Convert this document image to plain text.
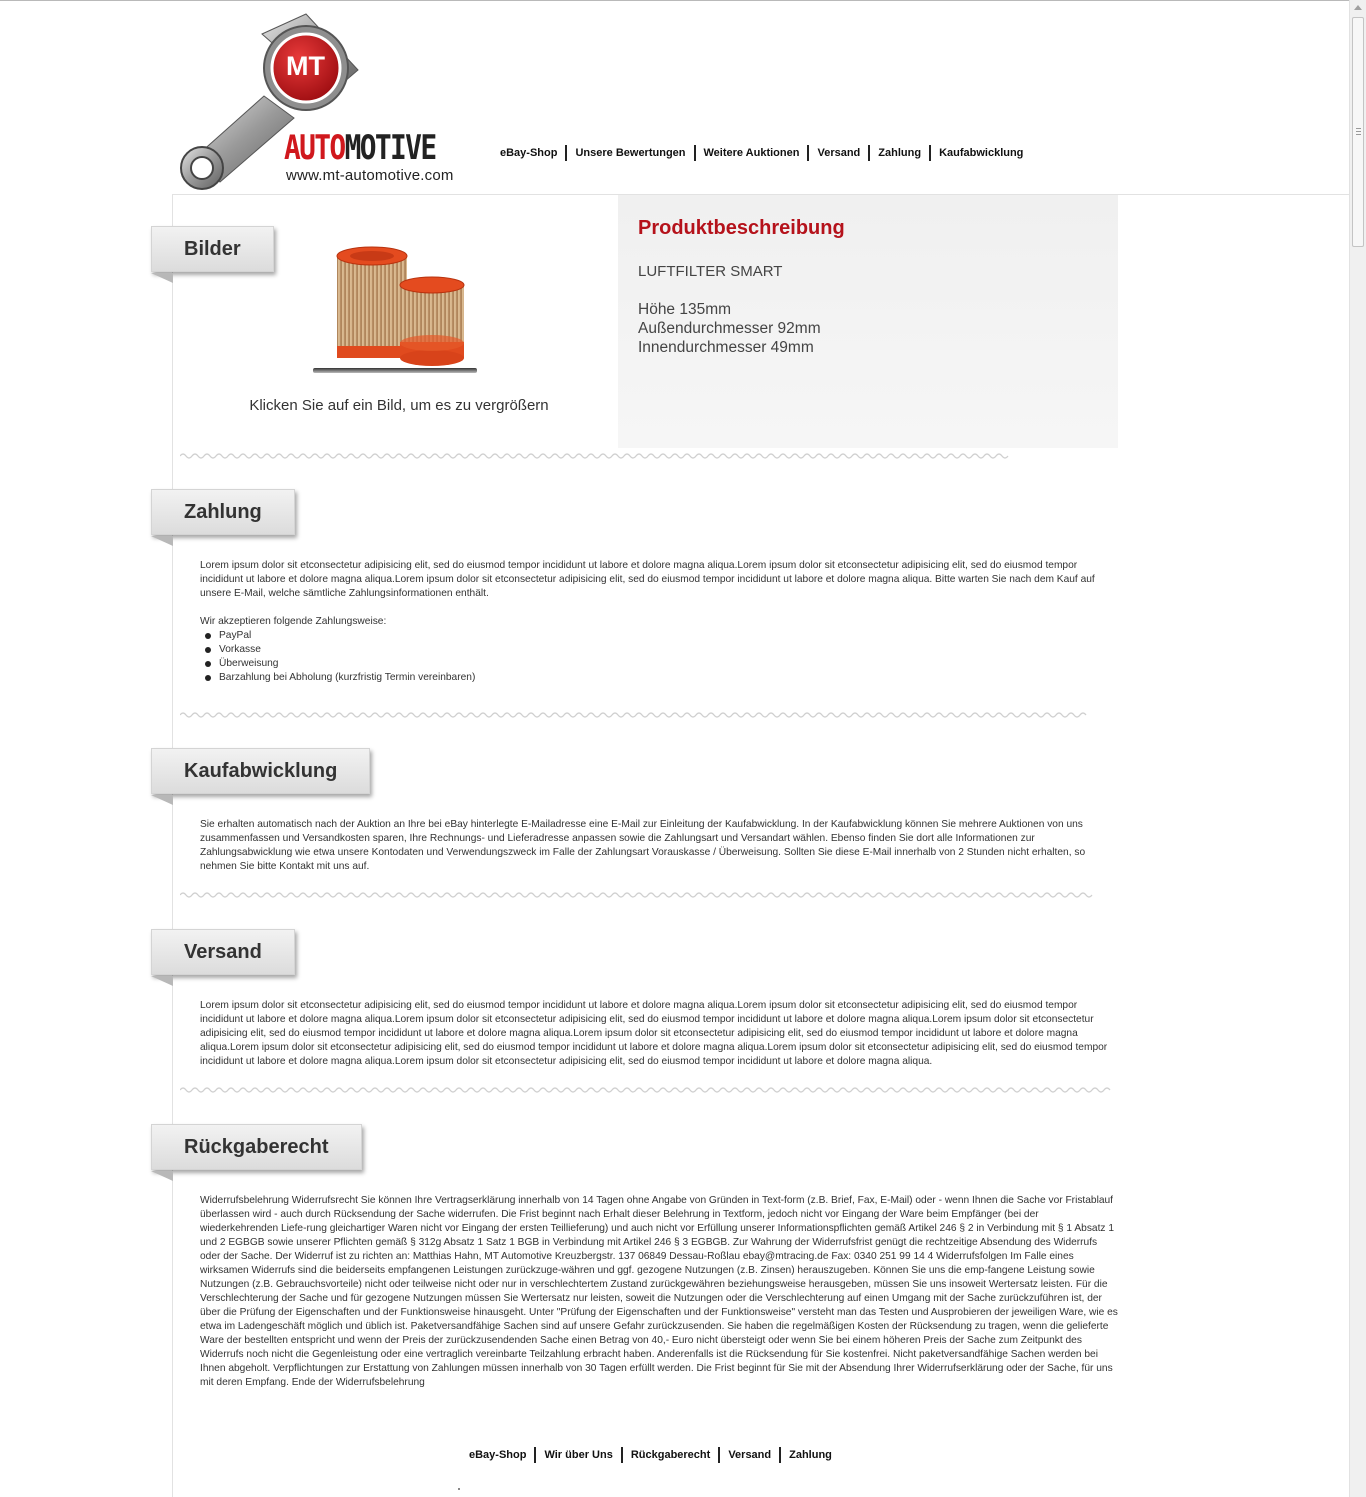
MT
AUTOMOTIVE
www.mt-automotive.com
eBay-Shop	Unsere Bewertungen	Weitere Auktionen	Versand	Zahlung	Kaufabwicklung
Bilder
Klicken Sie auf ein Bild, um es zu vergrößern
Produktbeschreibung
LUFTFILTER SMART
Höhe 135mm
Außendurchmesser 92mm
Innendurchmesser 49mm
Zahlung
Lorem ipsum dolor sit etconsectetur adipisicing elit, sed do eiusmod tempor incididunt ut labore et dolore magna aliqua.Lorem ipsum dolor sit etconsectetur adipisicing elit, sed do eiusmod tempor incididunt ut labore et dolore magna aliqua.Lorem ipsum dolor sit etconsectetur adipisicing elit, sed do eiusmod tempor incididunt ut labore et dolore magna aliqua. Bitte warten Sie nach dem Kauf auf unsere E-Mail, welche sämtliche Zahlungsinformationen enthält.
Wir akzeptieren folgende Zahlungsweise:
PayPal
Vorkasse
Überweisung
Barzahlung bei Abholung (kurzfristig Termin vereinbaren)
Kaufabwicklung
Sie erhalten automatisch nach der Auktion an Ihre bei eBay hinterlegte E-Mailadresse eine E-Mail zur Einleitung der Kaufabwicklung. In der Kaufabwicklung können Sie mehrere Auktionen von uns zusammenfassen und Versandkosten sparen, Ihre Rechnungs- und Lieferadresse anpassen sowie die Zahlungsart und Versandart wählen. Ebenso finden Sie dort alle Informationen zur Zahlungsabwicklung wie etwa unsere Kontodaten und Verwendungszweck im Falle der Zahlungsart Vorauskasse / Überweisung. Sollten Sie diese E-Mail innerhalb von 2 Stunden nicht erhalten, so nehmen Sie bitte Kontakt mit uns auf.
Versand
Lorem ipsum dolor sit etconsectetur adipisicing elit, sed do eiusmod tempor incididunt ut labore et dolore magna aliqua.Lorem ipsum dolor sit etconsectetur adipisicing elit, sed do eiusmod tempor incididunt ut labore et dolore magna aliqua.Lorem ipsum dolor sit etconsectetur adipisicing elit, sed do eiusmod tempor incididunt ut labore et dolore magna aliqua.Lorem ipsum dolor sit etconsectetur adipisicing elit, sed do eiusmod tempor incididunt ut labore et dolore magna aliqua.Lorem ipsum dolor sit etconsectetur adipisicing elit, sed do eiusmod tempor incididunt ut labore et dolore magna aliqua.Lorem ipsum dolor sit etconsectetur adipisicing elit, sed do eiusmod tempor incididunt ut labore et dolore magna aliqua.Lorem ipsum dolor sit etconsectetur adipisicing elit, sed do eiusmod tempor incididunt ut labore et dolore magna aliqua.Lorem ipsum dolor sit etconsectetur adipisicing elit, sed do eiusmod tempor incididunt ut labore et dolore magna aliqua.
Rückgaberecht
Widerrufsbelehrung Widerrufsrecht Sie können Ihre Vertragserklärung innerhalb von 14 Tagen ohne Angabe von Gründen in Text-form (z.B. Brief, Fax, E-Mail) oder - wenn Ihnen die Sache vor Fristablauf überlassen wird - auch durch Rücksendung der Sache widerrufen. Die Frist beginnt nach Erhalt dieser Belehrung in Textform, jedoch nicht vor Eingang der Ware beim Empfänger (bei der wiederkehrenden Liefe-rung gleichartiger Waren nicht vor Eingang der ersten Teillieferung) und auch nicht vor Erfüllung unserer Informationspflichten gemäß Artikel 246 § 2 in Verbindung mit § 1 Absatz 1 und 2 EGBGB sowie unserer Pflichten gemäß § 312g Absatz 1 Satz 1 BGB in Verbindung mit Artikel 246 § 3 EGBGB. Zur Wahrung der Widerrufsfrist genügt die rechtzeitige Absendung des Widerrufs oder der Sache. Der Widerruf ist zu richten an: Matthias Hahn, MT Automotive Kreuzbergstr. 137 06849 Dessau-Roßlau ebay@mtracing.de Fax: 0340 251 99 14 4 Widerrufsfolgen Im Falle eines wirksamen Widerrufs sind die beiderseits empfangenen Leistungen zurückzuge-währen und ggf. gezogene Nutzungen (z.B. Zinsen) herauszugeben. Können Sie uns die emp-fangene Leistung sowie Nutzungen (z.B. Gebrauchsvorteile) nicht oder teilweise nicht oder nur in verschlechtertem Zustand zurückgewähren beziehungsweise herausgeben, müssen Sie uns insoweit Wertersatz leisten. Für die Verschlechterung der Sache und für gezogene Nutzungen müssen Sie Wertersatz nur leisten, soweit die Nutzungen oder die Verschlechterung auf einen Umgang mit der Sache zurückzuführen ist, der über die Prüfung der Eigenschaften und der Funktionsweise hinausgeht. Unter "Prüfung der Eigenschaften und der Funktionsweise" versteht man das Testen und Ausprobieren der jeweiligen Ware, wie es etwa im Ladengeschäft möglich und üblich ist. Paketversandfähige Sachen sind auf unsere Gefahr zurückzusenden. Sie haben die regelmäßigen Kosten der Rücksendung zu tragen, wenn die gelieferte Ware der bestellten entspricht und wenn der Preis der zurückzusendenden Sache einen Betrag von 40,- Euro nicht übersteigt oder wenn Sie bei einem höheren Preis der Sache zum Zeitpunkt des Widerrufs noch nicht die Gegenleistung oder eine vertraglich vereinbarte Teilzahlung erbracht haben. Anderenfalls ist die Rücksendung für Sie kostenfrei. Nicht paketversandfähige Sachen werden bei Ihnen abgeholt. Verpflichtungen zur Erstattung von Zahlungen müssen innerhalb von 30 Tagen erfüllt werden. Die Frist beginnt für Sie mit der Absendung Ihrer Widerrufserklärung oder der Sache, für uns mit deren Empfang. Ende der Widerrufsbelehrung
eBay-Shop	Wir über Uns	Rückgaberecht	Versand	Zahlung
